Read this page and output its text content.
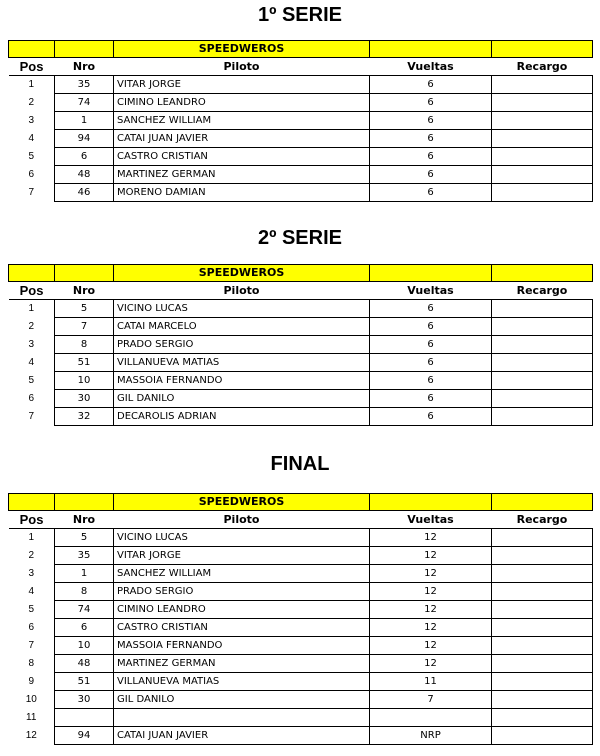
1º SERIE
		SPEEDWEROS		
Pos	Nro	Piloto	Vueltas	Recargo
1	35	VITAR JORGE	6	
2	74	CIMINO LEANDRO	6	
3	1	SANCHEZ WILLIAM	6	
4	94	CATAI JUAN JAVIER	6	
5	6	CASTRO CRISTIAN	6	
6	48	MARTINEZ GERMAN	6	
7	46	MORENO DAMIAN	6	
2º SERIE
		SPEEDWEROS		
Pos	Nro	Piloto	Vueltas	Recargo
1	5	VICINO LUCAS	6	
2	7	CATAI MARCELO	6	
3	8	PRADO SERGIO	6	
4	51	VILLANUEVA MATIAS	6	
5	10	MASSOIA FERNANDO	6	
6	30	GIL DANILO	6	
7	32	DECAROLIS ADRIAN	6	
FINAL
		SPEEDWEROS		
Pos	Nro	Piloto	Vueltas	Recargo
1	5	VICINO LUCAS	12	
2	35	VITAR JORGE	12	
3	1	SANCHEZ WILLIAM	12	
4	8	PRADO SERGIO	12	
5	74	CIMINO LEANDRO	12	
6	6	CASTRO CRISTIAN	12	
7	10	MASSOIA FERNANDO	12	
8	48	MARTINEZ GERMAN	12	
9	51	VILLANUEVA MATIAS	11	
10	30	GIL DANILO	7	
11				
12	94	CATAI JUAN JAVIER	NRP	
